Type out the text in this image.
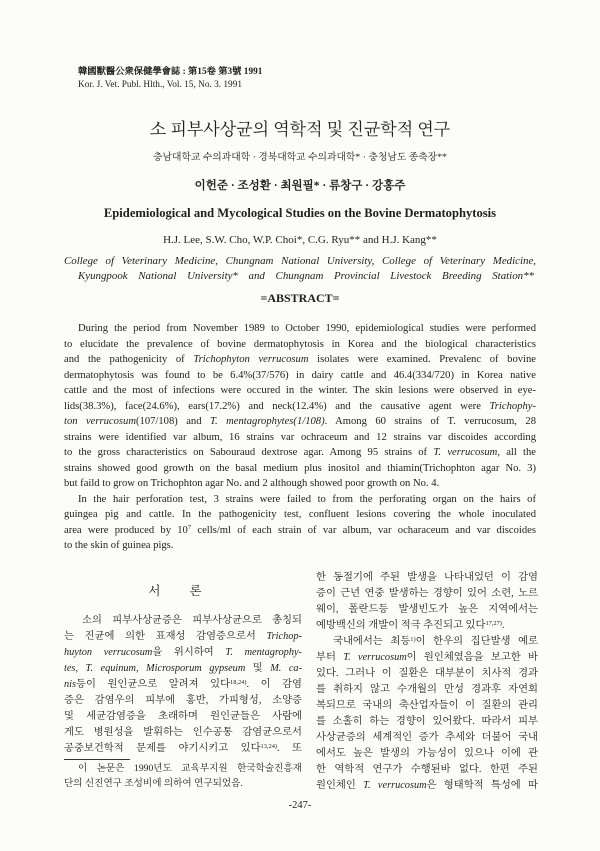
韓國獸醫公衆保健學會誌 : 第15卷 第3號 1991
Kor. J. Vet. Publ. Hlth., Vol. 15, No. 3. 1991
소 피부사상균의 역학적 및 진균학적 연구
충남대학교 수의과대학 · 경북대학교 수의과대학* · 충청남도 종축장**
이헌준 · 조성환 · 최원필* · 류창구 · 강홍주
Epidemiological and Mycological Studies on the Bovine Dermatophytosis
H.J. Lee, S.W. Cho, W.P. Choi*, C.G. Ryu** and H.J. Kang**
College of Veterinary Medicine, Chungnam National University, College of Veterinary Medicine,
Kyungpook National University* and Chungnam Provincial Livestock Breeding Station**
=ABSTRACT=
During the period from November 1989 to October 1990, epidemiological studies were performed
to elucidate the prevalence of bovine dermatophytosis in Korea and the biological characteristics
and the pathogenicity of Trichophyton verrucosum isolates were examined. Prevalenc of bovine
dermatophytosis was found to be 6.4%(37/576) in dairy cattle and 46.4(334/720) in Korea native
cattle and the most of infections were occured in the winter. The skin lesions were observed in eye-
lids(38.3%), face(24.6%), ears(17.2%) and neck(12.4%) and the causative agent were Trichophy-
ton verrucosum(107/108) and T. mentagrophytes(1/108). Among 60 strains of T. verrucosum, 28
strains were identified var album, 16 strains var ochraceum and 12 strains var discoides according
to the gross characteristics on Sabouraud dextrose agar. Among 95 strains of T. verrucosum, all the
strains showed good growth on the basal medium plus inositol and thiamin(Trichophton agar No. 3)
but faild to grow on Trichophton agar No. and 2 although showed poor growth on No. 4.
In the hair perforation test, 3 strains were failed to from the perforating organ on the hairs of
guingea pig and cattle. In the pathogenicity test, confluent lesions covering the whole inoculated
area were produced by $10^7$ cells/ml of each strain of var album, var ocharaceum and var discoides
to the skin of guinea pigs.
서 론
소의 피부사상균증은 피부사상균으로 총칭되
는 진균에 의한 표재성 감염증으로서 Trichop-
huyton verrucosum을 위시하여 T. mentagrophy-
tes, T. equinum, Microsporum gypseum 및 M. ca-
nis등이 원인균으로 알려져 있다$^{18,24)}$. 이 감염
증은 감염우의 피부에 홍반, 가피형성, 소양증
및 세균감염증을 초래하며 원인균들은 사람에
게도 병원성을 발휘하는 인수공통 감염균으로서
공중보건학적 문제를 야기시키고 있다$^{13,24)}$. 또
한 동절기에 주된 발생을 나타내었던 이 감염
증이 근년 연중 발생하는 경향이 있어 소련, 노르
웨이, 폴란드등 발생빈도가 높은 지역에서는
예방백신의 개발이 적극 추진되고 있다$^{17,27)}$.
국내에서는 최등$^{1)}$이 한우의 집단발생 예로
부터 T. verrucosum이 원인체였음을 보고한 바
있다. 그러나 이 질환은 대부분이 치사적 경과
를 취하지 않고 수개월의 만성 경과후 자연회
복되므로 국내의 축산업자들이 이 질환의 관리
를 소홀히 하는 경향이 있어왔다. 따라서 피부
사상균증의 세계적인 증가 추세와 더불어 국내
에서도 높은 발생의 가능성이 있으나 이에 관
한 역학적 연구가 수행된바 없다. 한편 주된
원인체인 T. verrucosum은 형태학적 특성에 따
이 논문은 1990년도 교육부지원 한국학술진흥재
단의 신진연구 조성비에 의하여 연구되었음.
-247-
